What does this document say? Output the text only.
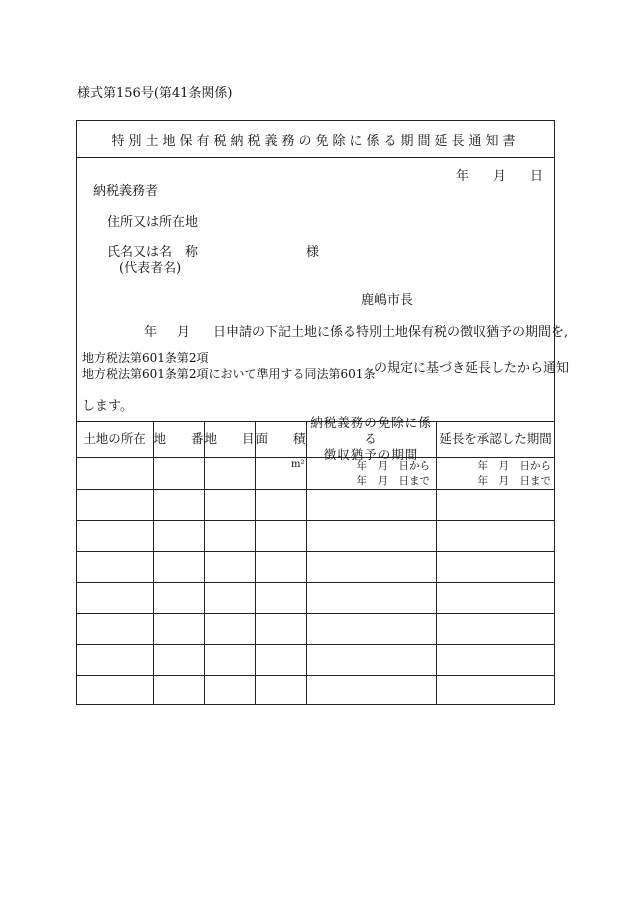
様式第156号(第41条関係)
特別土地保有税納税義務の免除に係る期間延長通知書
年 月 日
納税義務者
住所又は所在地
氏名又は名　称	様
(代表者名)
鹿嶋市長
年 月 日申請の下記土地に係る特別土地保有税の徴収猶予の期間を,
地方税法第601条第2項
地方税法第601条第2項において準用する同法第601条
の規定に基づき延長したから通知
します。
土地の所在 地　　番 地　　目 面　　積
納税義務の免除に係る
徴収猶予の期間
延長を承認した期間
m²	年　月　日から
年　月　日まで
年　月　日から
年　月　日まで
